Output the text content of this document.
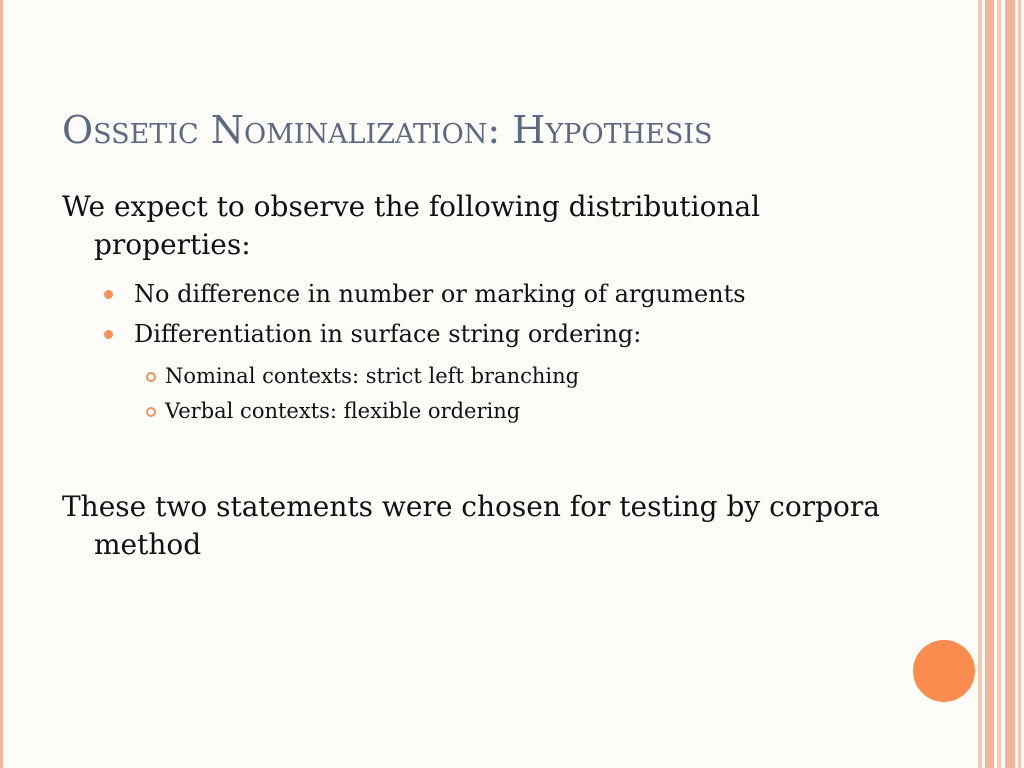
Ossetic Nominalization: Hypothesis

We expect to observe the following distributional properties:

No difference in number or marking of arguments
Differentiation in surface string ordering:
Nominal contexts: strict left branching
Verbal contexts: flexible ordering

These two statements were chosen for testing by corpora method
